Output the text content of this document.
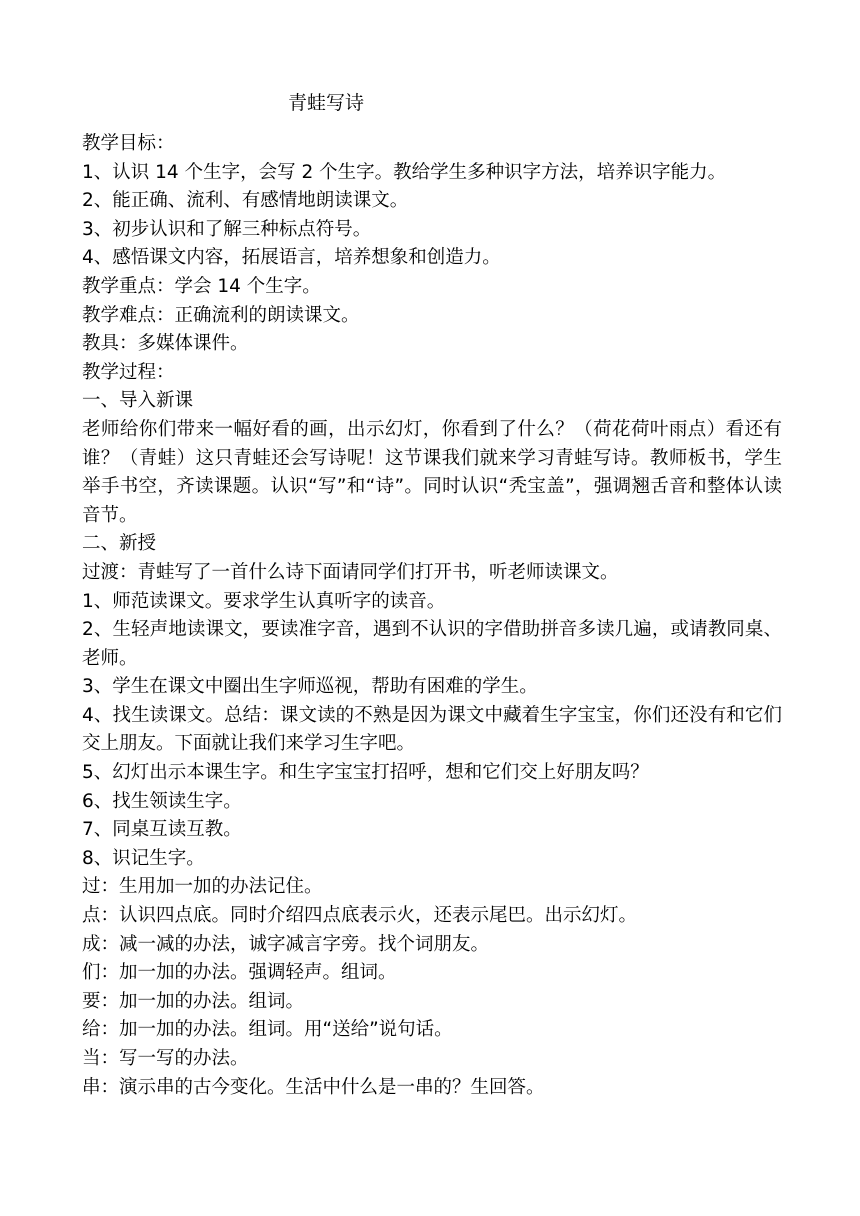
青蛙写诗
教学目标：
1、认识 14 个生字，会写 2 个生字。教给学生多种识字方法，培养识字能力。
2、能正确、流利、有感情地朗读课文。
3、初步认识和了解三种标点符号。
4、感悟课文内容，拓展语言，培养想象和创造力。
教学重点：学会 14 个生字。
教学难点：正确流利的朗读课文。
教具：多媒体课件。
教学过程：
一、导入新课
老师给你们带来一幅好看的画，出示幻灯，你看到了什么？（荷花荷叶雨点）看还有谁？（青蛙）这只青蛙还会写诗呢！这节课我们就来学习青蛙写诗。教师板书，学生举手书空，齐读课题。认识“写”和“诗”。同时认识“秃宝盖”，强调翘舌音和整体认读音节。
二、新授
过渡：青蛙写了一首什么诗下面请同学们打开书，听老师读课文。
1、师范读课文。要求学生认真听字的读音。
2、生轻声地读课文，要读准字音，遇到不认识的字借助拼音多读几遍，或请教同桌、老师。
3、学生在课文中圈出生字师巡视，帮助有困难的学生。
4、找生读课文。总结：课文读的不熟是因为课文中藏着生字宝宝，你们还没有和它们交上朋友。下面就让我们来学习生字吧。
5、幻灯出示本课生字。和生字宝宝打招呼，想和它们交上好朋友吗？
6、找生领读生字。
7、同桌互读互教。
8、识记生字。
过：生用加一加的办法记住。
点：认识四点底。同时介绍四点底表示火，还表示尾巴。出示幻灯。
成：减一减的办法，诚字减言字旁。找个词朋友。
们：加一加的办法。强调轻声。组词。
要：加一加的办法。组词。
给：加一加的办法。组词。用“送给”说句话。
当：写一写的办法。
串：演示串的古今变化。生活中什么是一串的？生回答。
